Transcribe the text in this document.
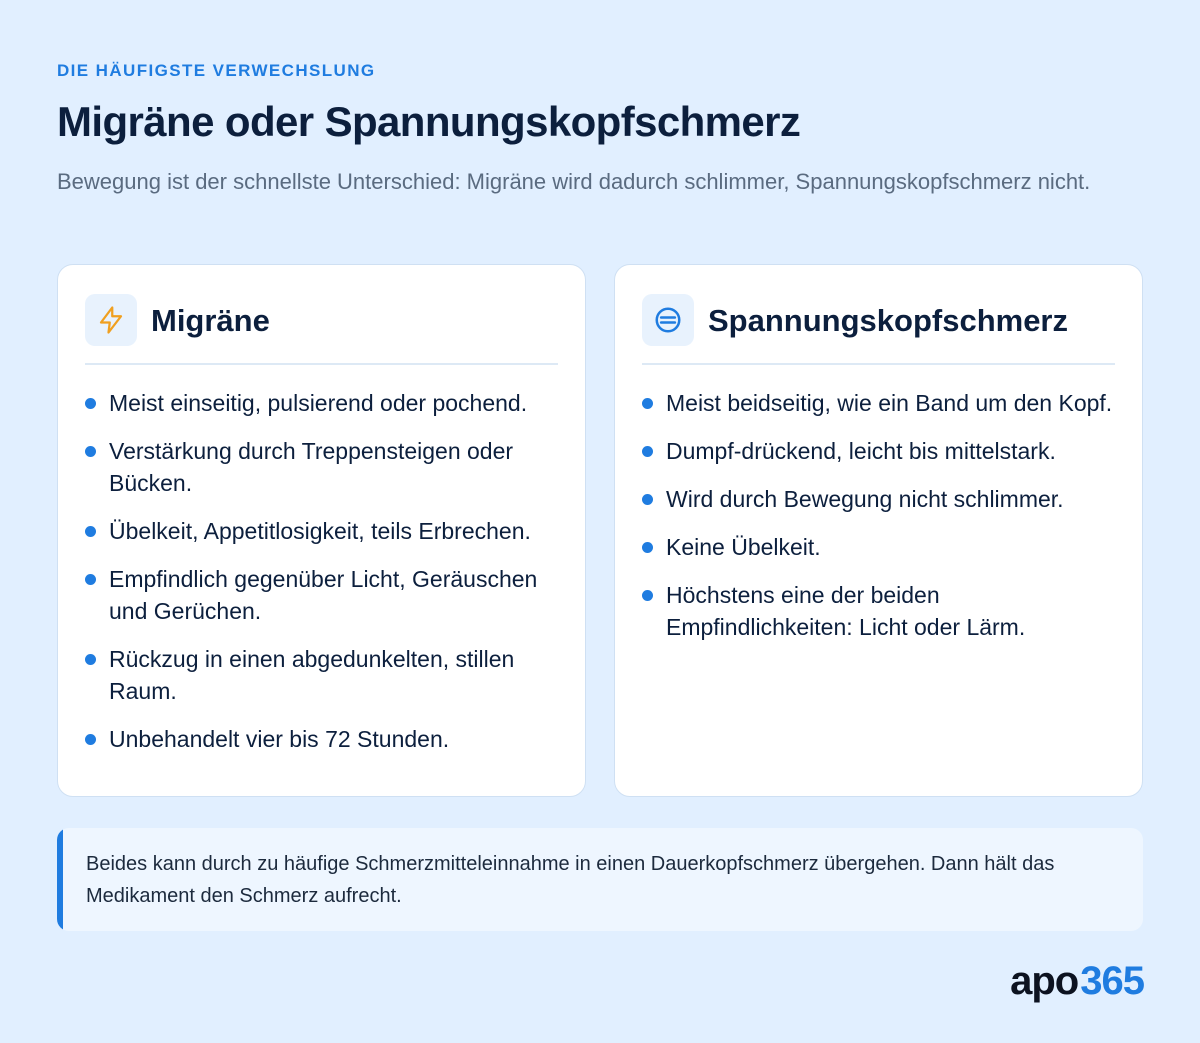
DIE HÄUFIGSTE VERWECHSLUNG
Migräne oder Spannungskopfschmerz

Bewegung ist der schnellste Unterschied: Migräne wird dadurch schlimmer, Spannungskopfschmerz nicht.

Migräne
Meist einseitig, pulsierend oder pochend.
Verstärkung durch Treppensteigen oder Bücken.
Übelkeit, Appetitlosigkeit, teils Erbrechen.
Empfindlich gegenüber Licht, Geräuschen und Gerüchen.
Rückzug in einen abgedunkelten, stillen Raum.
Unbehandelt vier bis 72 Stunden.
Spannungskopfschmerz
Meist beidseitig, wie ein Band um den Kopf.
Dumpf-drückend, leicht bis mittelstark.
Wird durch Bewegung nicht schlimmer.
Keine Übelkeit.
Höchstens eine der beiden Empfindlichkeiten: Licht oder Lärm.

Beides kann durch zu häufige Schmerzmitteleinnahme in einen Dauerkopfschmerz übergehen. Dann hält das Medikament den Schmerz aufrecht.

apo 365
